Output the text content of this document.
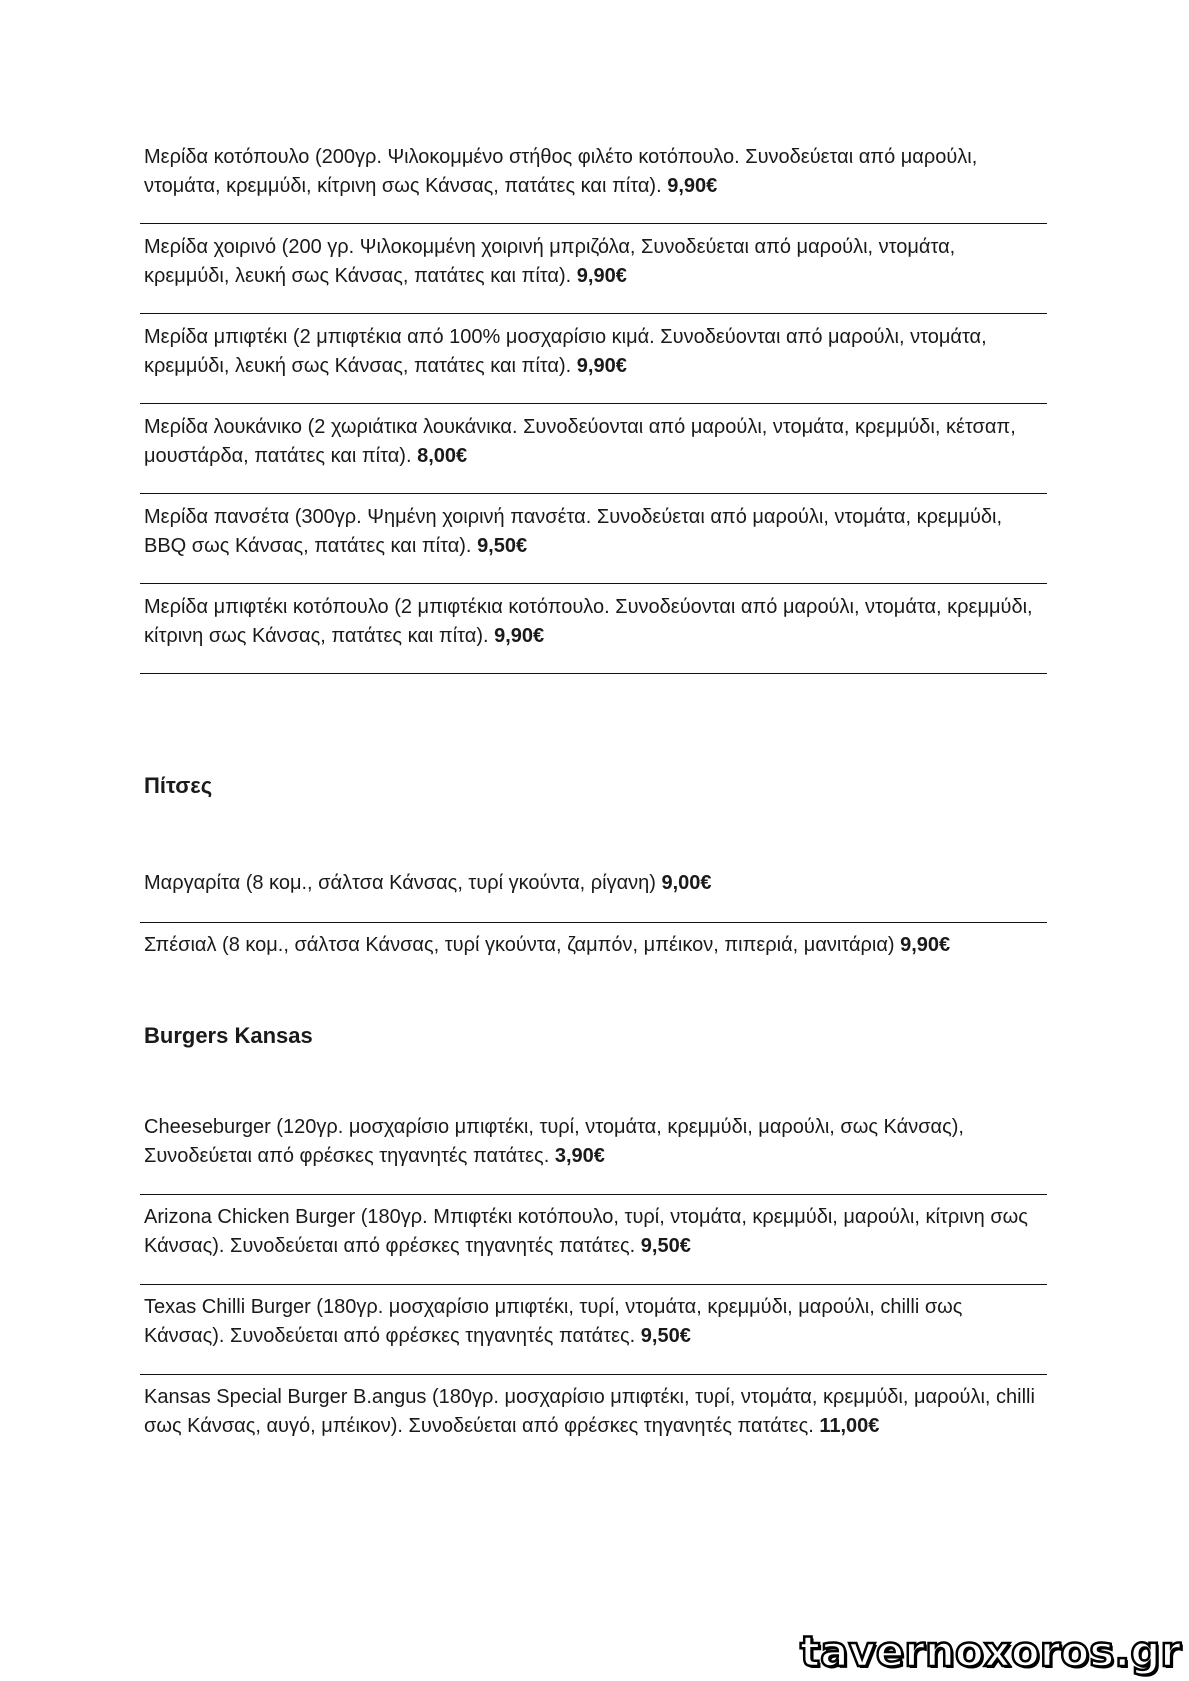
Μερίδα κοτόπουλο (200γρ. Ψιλοκομμένο στήθος φιλέτο κοτόπουλο. Συνοδεύεται από μαρούλι, ντομάτα, κρεμμύδι, κίτρινη σως Κάνσας, πατάτες και πίτα). 9,90€
Μερίδα χοιρινό (200 γρ. Ψιλοκομμένη χοιρινή μπριζόλα, Συνοδεύεται από μαρούλι, ντομάτα, κρεμμύδι, λευκή σως Κάνσας, πατάτες και πίτα). 9,90€
Μερίδα μπιφτέκι (2 μπιφτέκια από 100% μοσχαρίσιο κιμά. Συνοδεύονται από μαρούλι, ντομάτα, κρεμμύδι, λευκή σως Κάνσας, πατάτες και πίτα). 9,90€
Μερίδα λουκάνικο (2 χωριάτικα λουκάνικα. Συνοδεύονται από μαρούλι, ντομάτα, κρεμμύδι, κέτσαπ, μουστάρδα, πατάτες και πίτα). 8,00€
Μερίδα πανσέτα (300γρ. Ψημένη χοιρινή πανσέτα. Συνοδεύεται από μαρούλι, ντομάτα, κρεμμύδι, BBQ σως Κάνσας, πατάτες και πίτα). 9,50€
Μερίδα μπιφτέκι κοτόπουλο (2 μπιφτέκια κοτόπουλο. Συνοδεύονται από μαρούλι, ντομάτα, κρεμμύδι, κίτρινη σως Κάνσας, πατάτες και πίτα). 9,90€
Πίτσες
Μαργαρίτα (8 κομ., σάλτσα Κάνσας, τυρί γκούντα, ρίγανη) 9,00€
Σπέσιαλ (8 κομ., σάλτσα Κάνσας, τυρί γκούντα, ζαμπόν, μπέικον, πιπεριά, μανιτάρια) 9,90€
Burgers Kansas
Cheeseburger (120γρ. μοσχαρίσιο μπιφτέκι, τυρί, ντομάτα, κρεμμύδι, μαρούλι, σως Κάνσας), Συνοδεύεται από φρέσκες τηγανητές πατάτες. 3,90€
Arizona Chicken Burger (180γρ. Μπιφτέκι κοτόπουλο, τυρί, ντομάτα, κρεμμύδι, μαρούλι, κίτρινη σως Κάνσας). Συνοδεύεται από φρέσκες τηγανητές πατάτες. 9,50€
Texas Chilli Burger (180γρ. μοσχαρίσιο μπιφτέκι, τυρί, ντομάτα, κρεμμύδι, μαρούλι, chilli σως Κάνσας). Συνοδεύεται από φρέσκες τηγανητές πατάτες. 9,50€
Kansas Special Burger B.angus (180γρ. μοσχαρίσιο μπιφτέκι, τυρί, ντομάτα, κρεμμύδι, μαρούλι, chilli σως Κάνσας, αυγό, μπέικον). Συνοδεύεται από φρέσκες τηγανητές πατάτες. 11,00€
tavernoxoros.gr
